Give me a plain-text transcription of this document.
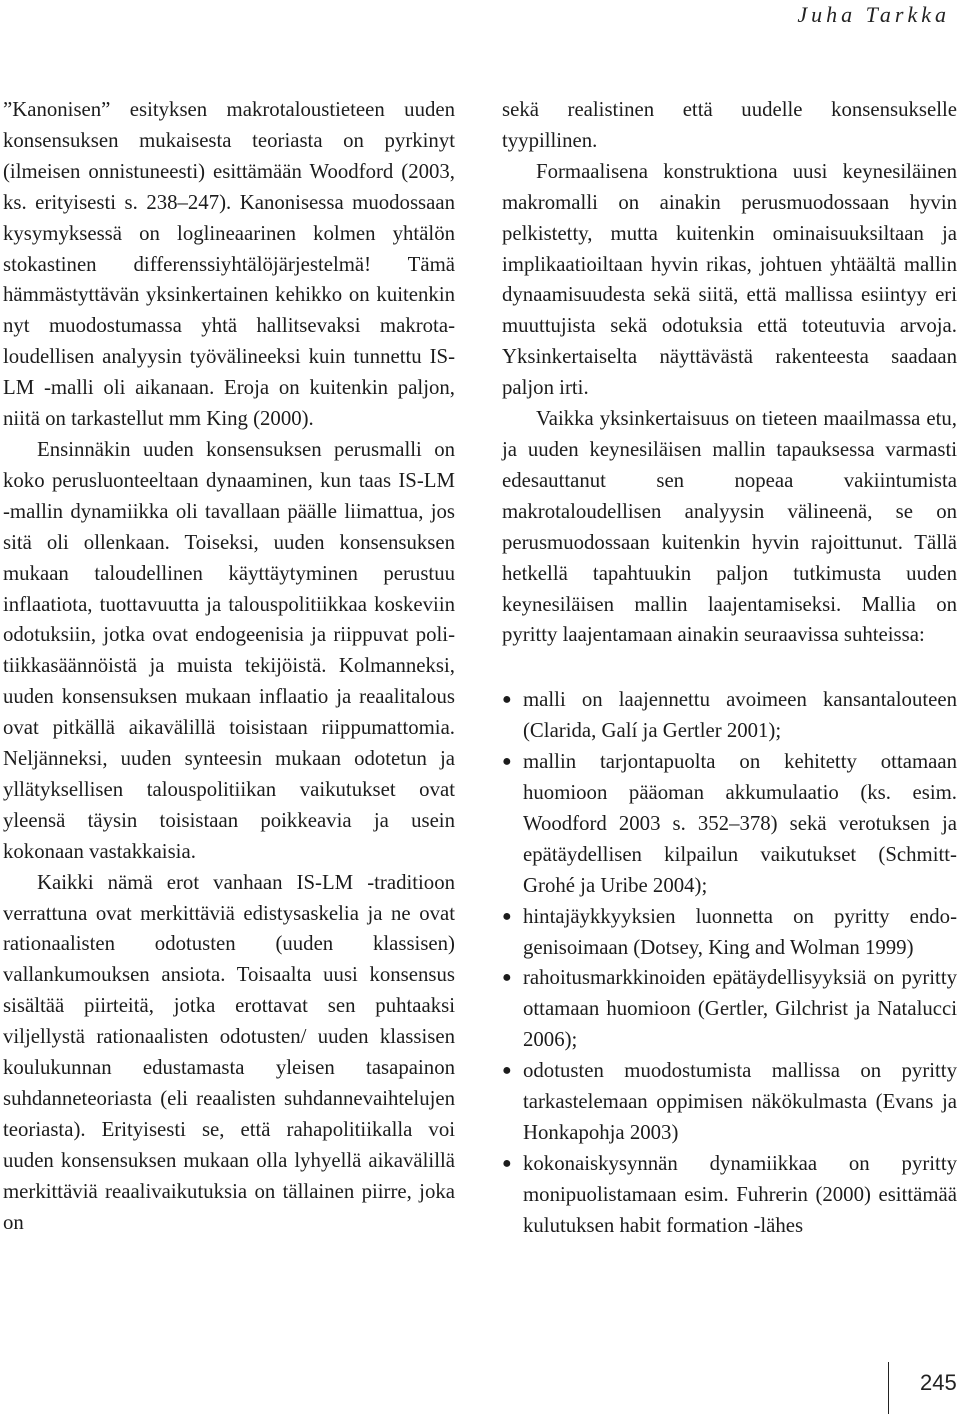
Juha Tarkka

”Kanonisen” esityksen makrotaloustieteen uuden konsensuksen mukaisesta teoriasta on pyrkinyt (ilmeisen onnistuneesti) esittämään Woodford (2003, ks. erityisesti s. 238–247). Kanonisessa muodossaan kysymyksessä on loglineaarinen kolmen yhtälön stokastinen differenssiyhtälöjärjestelmä! Tämä hämmästyttävän yksinkertainen kehikko on kuitenkin nyt muodostumassa yhtä hallitsevaksi makrotaloudellisen analyysin työvälineeksi kuin tunnettu IS-LM -malli oli aikanaan. Eroja on kuitenkin paljon, niitä on tarkastellut mm King (2000).

Ensinnäkin uuden konsensuksen perusmalli on koko perusluonteeltaan dynaaminen, kun taas IS-LM -mallin dynamiikka oli tavallaan päälle liimattua, jos sitä oli ollenkaan. Toiseksi, uuden konsensuksen mukaan taloudellinen käyttäytyminen perustuu inflaatiota, tuottavuutta ja talouspolitiikkaa koskeviin odotuksiin, jotka ovat endogeenisia ja riippuvat politiikkasäännöistä ja muista tekijöistä. Kolmanneksi, uuden konsensuksen mukaan inflaatio ja reaalitalous ovat pitkällä aikavälillä toisistaan riippumattomia. Neljänneksi, uuden synteesin mukaan odotetun ja yllätyksellisen talouspolitiikan vaikutukset ovat yleensä täysin toisistaan poikkeavia ja usein kokonaan vastakkaisia.

Kaikki nämä erot vanhaan IS-LM -traditioon verrattuna ovat merkittäviä edistysaskelia ja ne ovat rationaalisten odotusten (uuden klassisen) vallankumouksen ansiota. Toisaalta uusi konsensus sisältää piirteitä, jotka erottavat sen puhtaaksi viljellystä rationaalisten odotusten/ uuden klassisen koulukunnan edustamasta yleisen tasapainon suhdanneteoriasta (eli reaalisten suhdannevaihtelujen teoriasta). Erityisesti se, että rahapolitiikalla voi uuden konsensuksen mukaan olla lyhyellä aikavälillä merkittäviä reaalivaikutuksia on tällainen piirre, joka on

sekä realistinen että uudelle konsensukselle tyypillinen.

Formaalisena konstruktiona uusi keynesiläinen makromalli on ainakin perusmuodossaan hyvin pelkistetty, mutta kuitenkin ominaisuuksiltaan ja implikaatioiltaan hyvin rikas, johtuen yhtäältä mallin dynaamisuudesta sekä siitä, että mallissa esiintyy eri muuttujista sekä odotuksia että toteutuvia arvoja. Yksinkertaiselta näyttävästä rakenteesta saadaan paljon irti.

Vaikka yksinkertaisuus on tieteen maailmassa etu, ja uuden keynesiläisen mallin tapauksessa varmasti edesauttanut sen nopeaa vakiintumista makrotaloudellisen analyysin välineenä, se on perusmuodossaan kuitenkin hyvin rajoittunut. Tällä hetkellä tapahtuukin paljon tutkimusta uuden keynesiläisen mallin laajentamiseksi. Mallia on pyritty laajentamaan ainakin seuraavissa suhteissa:

● malli on laajennettu avoimeen kansantalouteen (Clarida, Galí ja Gertler 2001);
● mallin tarjontapuolta on kehitetty ottamaan huomioon pääoman akkumulaatio (ks. esim. Woodford 2003 s. 352–378) sekä verotuksen ja epätäydellisen kilpailun vaikutukset (Schmitt-Grohé ja Uribe 2004);
● hintajäykkyyksien luonnetta on pyritty endogenisoimaan (Dotsey, King and Wolman 1999)
● rahoitusmarkkinoiden epätäydellisyyksiä on pyritty ottamaan huomioon (Gertler, Gilchrist ja Natalucci 2006);
● odotusten muodostumista mallissa on pyritty tarkastelemaan oppimisen näkökulmasta (Evans ja Honkapohja 2003)
● kokonaiskysynnän dynamiikkaa on pyritty monipuolistamaan esim. Fuhrerin (2000) esittämää kulutuksen habit formation -lähes
245
